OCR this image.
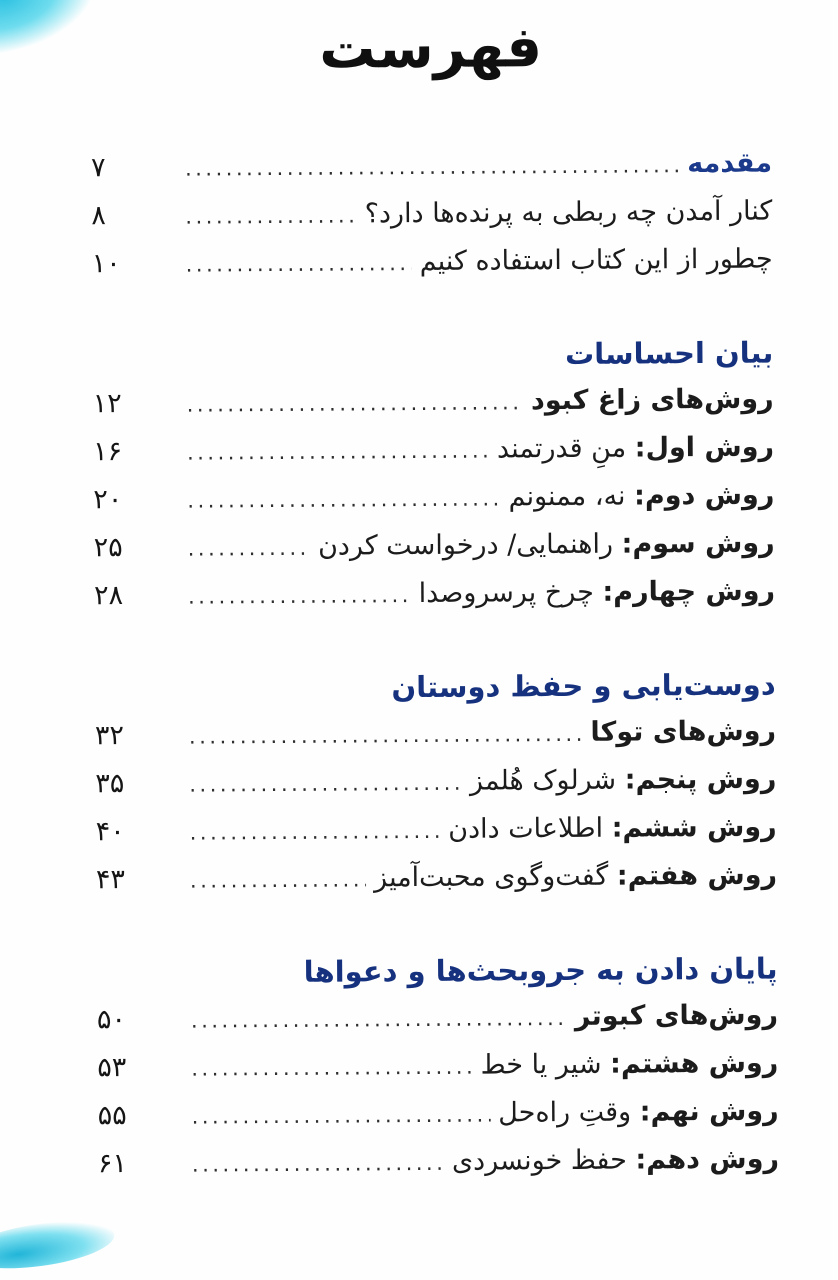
فهرست
مقدمه
.....
۷
کنار آمدن چه ربطی به پرنده‌ها دارد؟
.....
۸
چطور از این کتاب استفاده کنیم
.....
۱۰
بیان احساسات
روش‌های زاغ کبود
.....
۱۲
روش اول: منِ قدرتمند
.....
۱۶
روش دوم: نه، ممنونم
.....
۲۰
روش سوم: راهنمایی/ درخواست کردن
.....
۲۵
روش چهارم: چرخ پرسروصدا
.....
۲۸
دوست‌یابی و حفظ دوستان
روش‌های توکا
.....
۳۲
روش پنجم: شرلوک هُلمز
.....
۳۵
روش ششم: اطلاعات دادن
.....
۴۰
روش هفتم: گفت‌وگوی محبت‌آمیز
.....
۴۳
پایان دادن به جروبحث‌ها و دعواها
روش‌های کبوتر
.....
۵۰
روش هشتم: شیر یا خط
.....
۵۳
روش نهم: وقتِ راه‌حل
.....
۵۵
روش دهم: حفظ خونسردی
.....
۶۱
